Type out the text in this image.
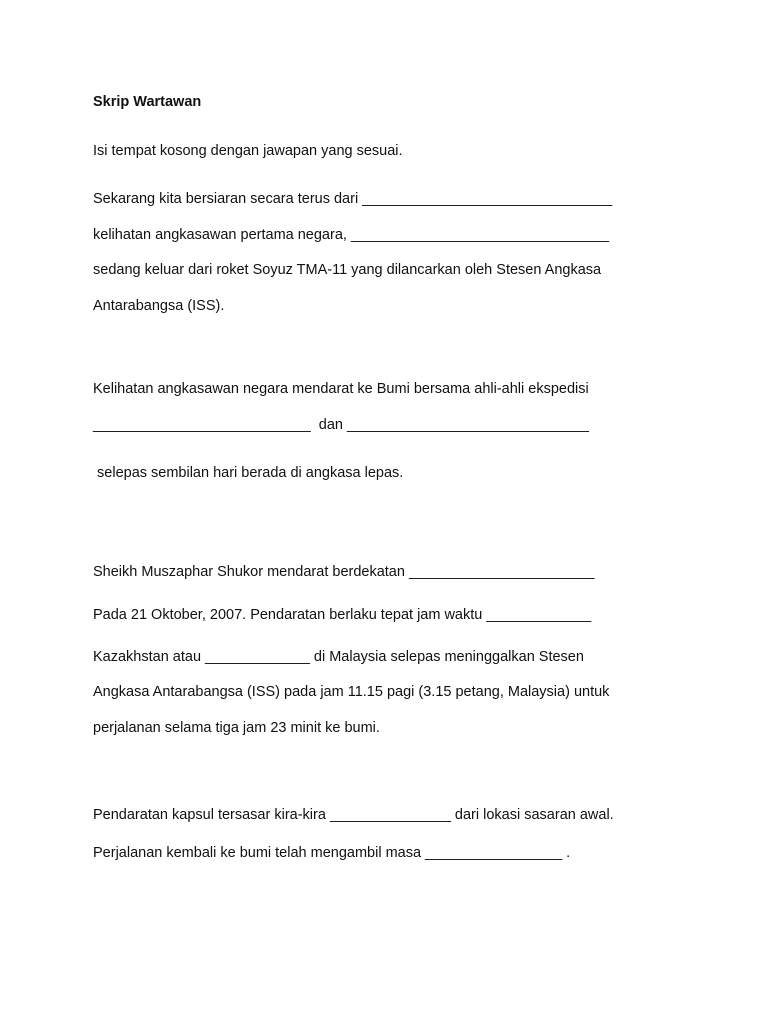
Skrip Wartawan

Isi tempat kosong dengan jawapan yang sesuai.

Sekarang kita bersiaran secara terus dari _______________________________

kelihatan angkasawan pertama negara, ________________________________

sedang keluar dari roket Soyuz TMA-11 yang dilancarkan oleh Stesen Angkasa

Antarabangsa (ISS).

Kelihatan angkasawan negara mendarat ke Bumi bersama ahli-ahli ekspedisi

___________________________  dan ______________________________

selepas sembilan hari berada di angkasa lepas.

Sheikh Muszaphar Shukor mendarat berdekatan _______________________

Pada 21 Oktober, 2007. Pendaratan berlaku tepat jam waktu _____________

Kazakhstan atau _____________ di Malaysia selepas meninggalkan Stesen

Angkasa Antarabangsa (ISS) pada jam 11.15 pagi (3.15 petang, Malaysia) untuk

perjalanan selama tiga jam 23 minit ke bumi.

Pendaratan kapsul tersasar kira-kira _______________ dari lokasi sasaran awal.

Perjalanan kembali ke bumi telah mengambil masa _________________ .
